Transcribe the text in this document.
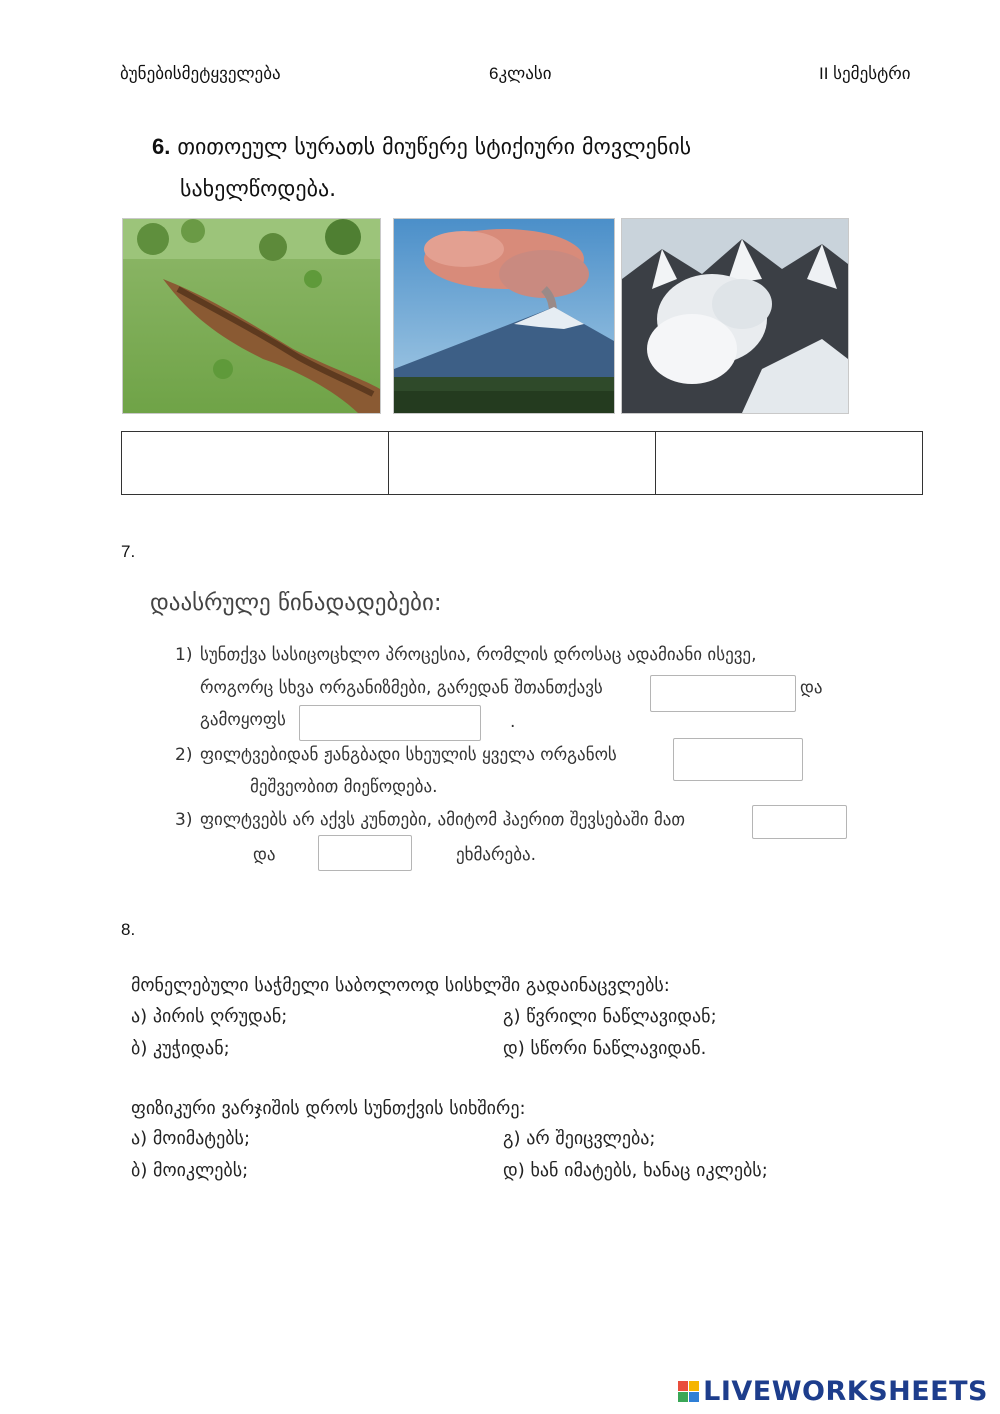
ბუნებისმეტყველება	6კლასი	II სემესტრი
6. თითოეულ სურათს მიუწერე სტიქიური მოვლენის
სახელწოდება.

7.
დაასრულე წინადადებები:
1) სუნთქვა სასიცოცხლო პროცესია, რომლის დროსაც ადამიანი ისევე,
როგორც სხვა ორგანიზმები, გარედან შთანთქავს	და
გამოყოფს	.
2) ფილტვებიდან ჟანგბადი სხეულის ყველა ორგანოს
მეშვეობით მიეწოდება.
3) ფილტვებს არ აქვს კუნთები, ამიტომ ჰაერით შევსებაში მათ
და	ეხმარება.
8.
მონელებული საჭმელი საბოლოოდ სისხლში გადაინაცვლებს:
ა) პირის ღრუდან;	გ) წვრილი ნაწლავიდან;
ბ) კუჭიდან;	დ) სწორი ნაწლავიდან.
ფიზიკური ვარჯიშის დროს სუნთქვის სიხშირე:
ა) მოიმატებს;	გ) არ შეიცვლება;
ბ) მოიკლებს;	დ) ხან იმატებს, ხანაც იკლებს;
LIVEWORKSHEETS
